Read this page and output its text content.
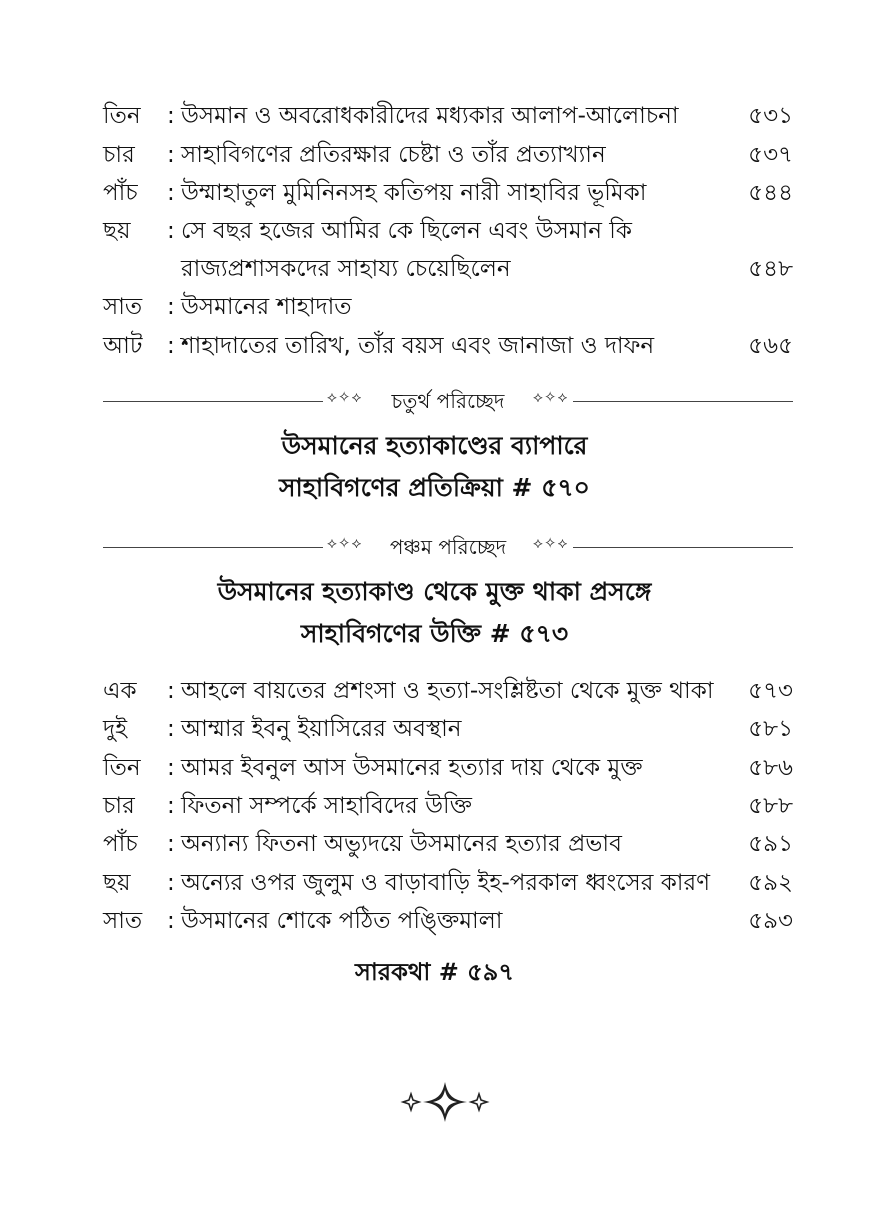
তিন : উসমান ও অবরোধকারীদের মধ্যকার আলাপ-আলোচনা	৫৩১
চার : সাহাবিগণের প্রতিরক্ষার চেষ্টা ও তাঁর প্রত্যাখ্যান	৫৩৭
পাঁচ : উম্মাহাতুল মুমিনিনসহ কতিপয় নারী সাহাবির ভূমিকা	৫৪৪
ছয় : সে বছর হজের আমির কে ছিলেন এবং উসমান কি
রাজ্যপ্রশাসকদের সাহায্য চেয়েছিলেন	৫৪৮
সাত : উসমানের শাহাদাত
আট : শাহাদাতের তারিখ, তাঁর বয়স এবং জানাজা ও দাফন	৫৬৫
⟡✧⟡	চতুর্থ পরিচ্ছেদ	⟡✧⟡
উসমানের হত্যাকাণ্ডের ব্যাপারে
সাহাবিগণের প্রতিক্রিয়া # ৫৭০
⟡✧⟡	পঞ্চম পরিচ্ছেদ	⟡✧⟡
উসমানের হত্যাকাণ্ড থেকে মুক্ত থাকা প্রসঙ্গে
সাহাবিগণের উক্তি # ৫৭৩
এক : আহলে বায়তের প্রশংসা ও হত্যা-সংশ্লিষ্টতা থেকে মুক্ত থাকা ৫৭৩
দুই : আম্মার ইবনু ইয়াসিরের অবস্থান	৫৮১
তিন : আমর ইবনুল আস উসমানের হত্যার দায় থেকে মুক্ত	৫৮৬
চার : ফিতনা সম্পর্কে সাহাবিদের উক্তি	৫৮৮
পাঁচ : অন্যান্য ফিতনা অভ্যুদয়ে উসমানের হত্যার প্রভাব	৫৯১
ছয় : অন্যের ওপর জুলুম ও বাড়াবাড়ি ইহ-পরকাল ধ্বংসের কারণ ৫৯২
সাত : উসমানের শোকে পঠিত পঙ্ক্তিমালা	৫৯৩
সারকথা # ৫৯৭
